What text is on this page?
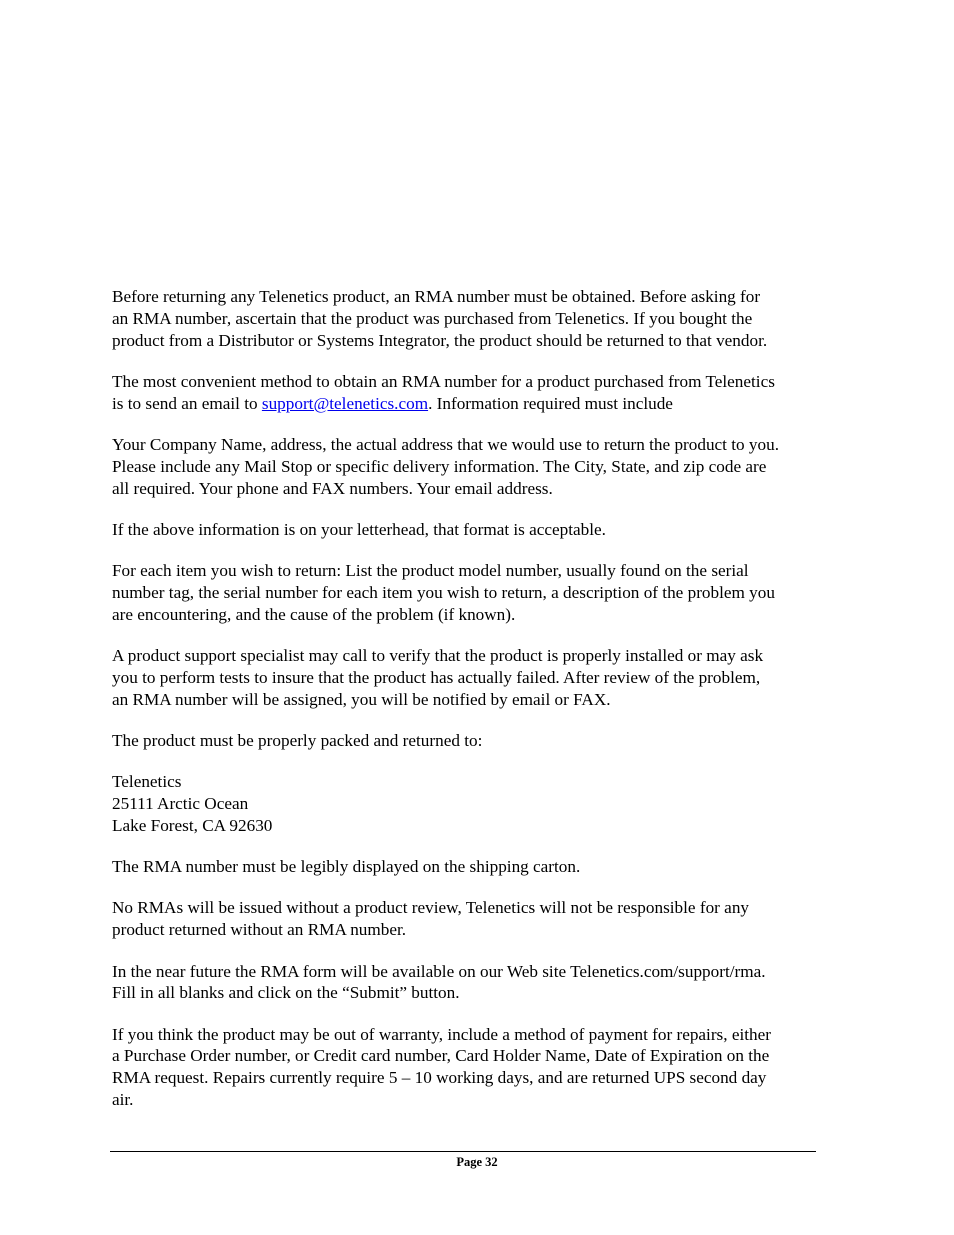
Before returning any Telenetics product, an RMA number must be obtained. Before asking for
an RMA number, ascertain that the product was purchased from Telenetics. If you bought the
product from a Distributor or Systems Integrator, the product should be returned to that vendor.

The most convenient method to obtain an RMA number for a product purchased from Telenetics
is to send an email to support@telenetics.com. Information required must include

Your Company Name, address, the actual address that we would use to return the product to you.
Please include any Mail Stop or specific delivery information. The City, State, and zip code are
all required. Your phone and FAX numbers. Your email address.

If the above information is on your letterhead, that format is acceptable.

For each item you wish to return: List the product model number, usually found on the serial
number tag, the serial number for each item you wish to return, a description of the problem you
are encountering, and the cause of the problem (if known).

A product support specialist may call to verify that the product is properly installed or may ask
you to perform tests to insure that the product has actually failed. After review of the problem,
an RMA number will be assigned, you will be notified by email or FAX.

The product must be properly packed and returned to:

Telenetics
25111 Arctic Ocean
Lake Forest, CA 92630

The RMA number must be legibly displayed on the shipping carton.

No RMAs will be issued without a product review, Telenetics will not be responsible for any
product returned without an RMA number.

In the near future the RMA form will be available on our Web site Telenetics.com/support/rma.
Fill in all blanks and click on the “Submit” button.

If you think the product may be out of warranty, include a method of payment for repairs, either
a Purchase Order number, or Credit card number, Card Holder Name, Date of Expiration on the
RMA request. Repairs currently require 5 – 10 working days, and are returned UPS second day
air.

Page 32
